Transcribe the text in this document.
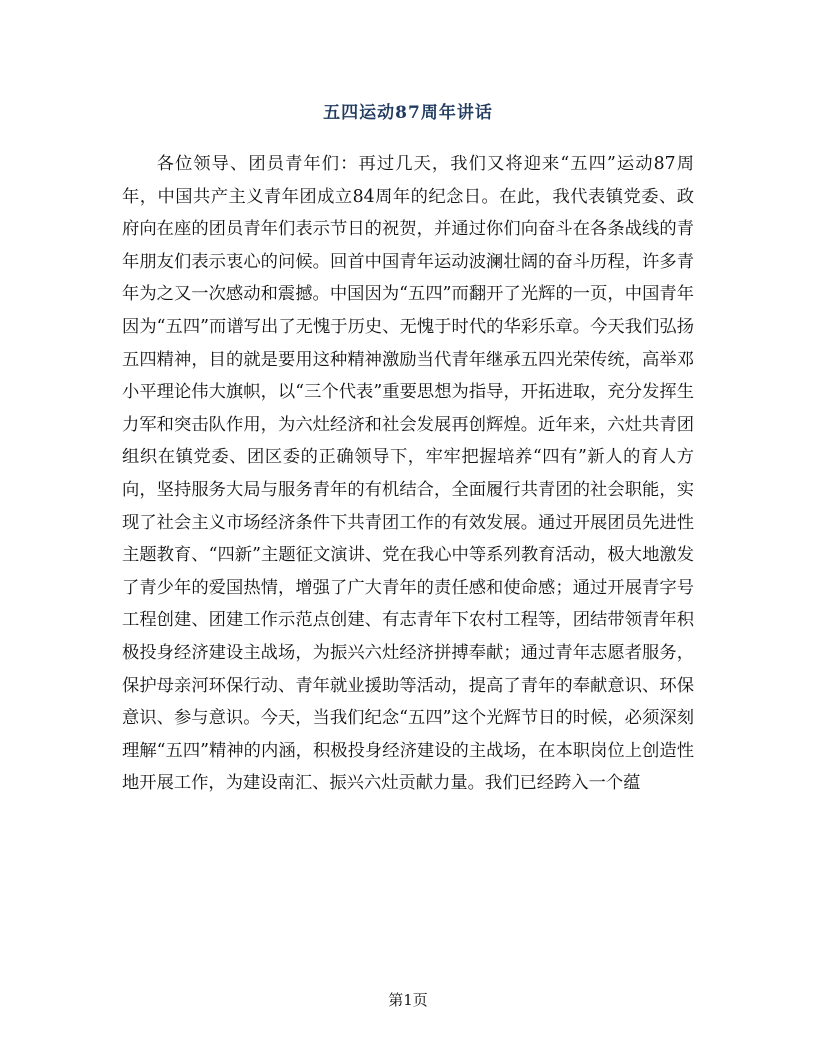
五四运动87周年讲话

各位领导、团员青年们：再过几天，我们又将迎来“五四”运动87周年，中国共产主义青年团成立84周年的纪念日。在此，我代表镇党委、政府向在座的团员青年们表示节日的祝贺，并通过你们向奋斗在各条战线的青年朋友们表示衷心的问候。回首中国青年运动波澜壮阔的奋斗历程，许多青年为之又一次感动和震撼。中国因为“五四”而翻开了光辉的一页，中国青年因为“五四”而谱写出了无愧于历史、无愧于时代的华彩乐章。今天我们弘扬五四精神，目的就是要用这种精神激励当代青年继承五四光荣传统，高举邓小平理论伟大旗帜，以“三个代表”重要思想为指导，开拓进取，充分发挥生力军和突击队作用，为六灶经济和社会发展再创辉煌。近年来，六灶共青团组织在镇党委、团区委的正确领导下，牢牢把握培养“四有”新人的育人方向，坚持服务大局与服务青年的有机结合，全面履行共青团的社会职能，实现了社会主义市场经济条件下共青团工作的有效发展。通过开展团员先进性主题教育、“四新”主题征文演讲、党在我心中等系列教育活动，极大地激发了青少年的爱国热情，增强了广大青年的责任感和使命感；通过开展青字号工程创建、团建工作示范点创建、有志青年下农村工程等，团结带领青年积极投身经济建设主战场，为振兴六灶经济拼搏奉献；通过青年志愿者服务，保护母亲河环保行动、青年就业援助等活动，提高了青年的奉献意识、环保意识、参与意识。今天，当我们纪念“五四”这个光辉节日的时候，必须深刻理解“五四”精神的内涵，积极投身经济建设的主战场，在本职岗位上创造性地开展工作，为建设南汇、振兴六灶贡献力量。我们已经跨入一个蕴

第1页
